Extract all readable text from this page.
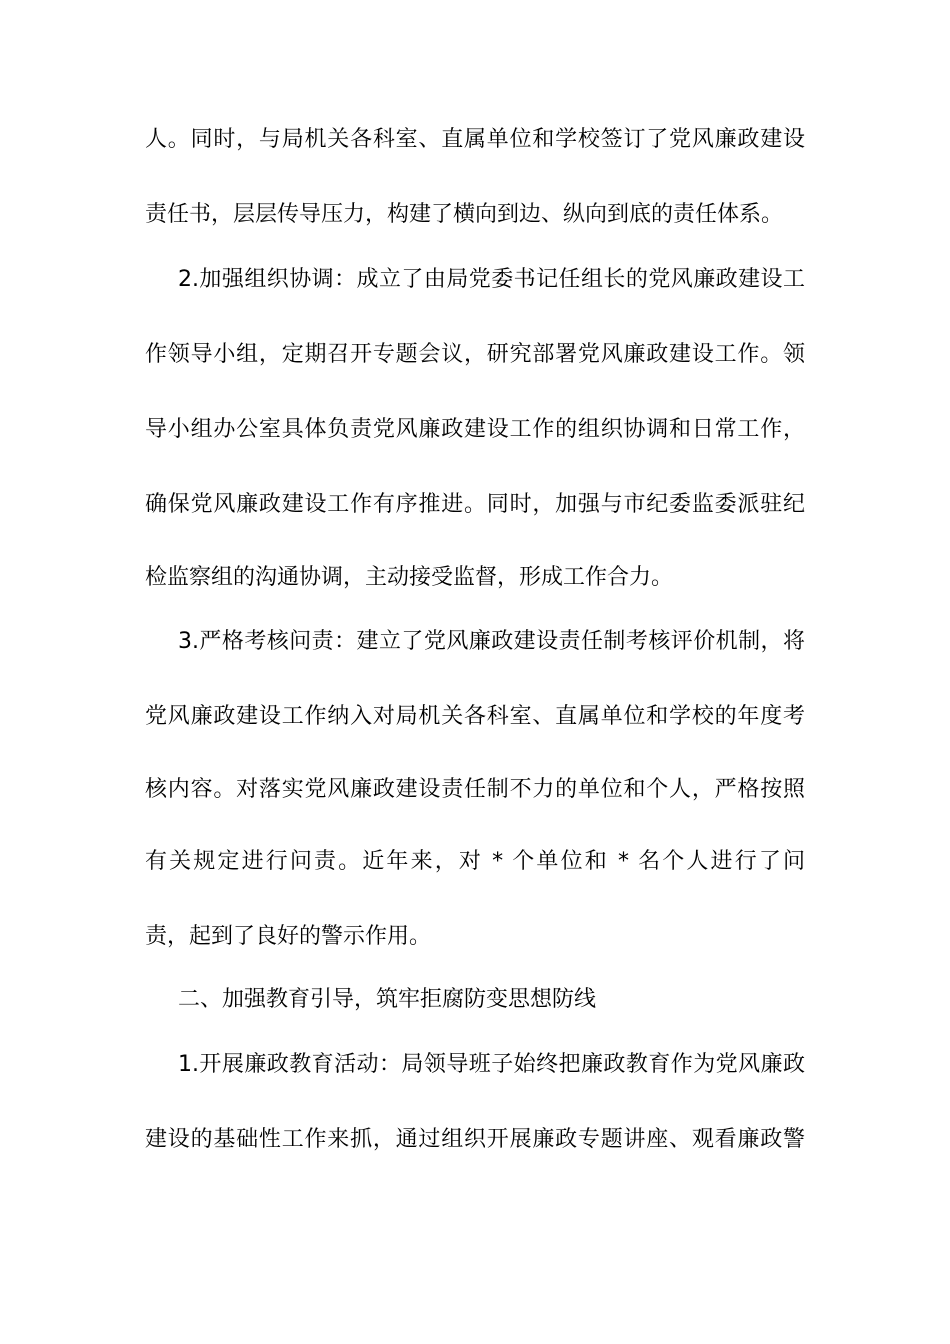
人。同时，与局机关各科室、直属单位和学校签订了党风廉政建设
责任书，层层传导压力，构建了横向到边、纵向到底的责任体系。
2.加强组织协调：成立了由局党委书记任组长的党风廉政建设工
作领导小组，定期召开专题会议，研究部署党风廉政建设工作。领
导小组办公室具体负责党风廉政建设工作的组织协调和日常工作，
确保党风廉政建设工作有序推进。同时，加强与市纪委监委派驻纪
检监察组的沟通协调，主动接受监督，形成工作合力。
3.严格考核问责：建立了党风廉政建设责任制考核评价机制，将
党风廉政建设工作纳入对局机关各科室、直属单位和学校的年度考
核内容。对落实党风廉政建设责任制不力的单位和个人，严格按照
有关规定进行问责。近年来，对 * 个单位和 * 名个人进行了问
责，起到了良好的警示作用。
二、加强教育引导，筑牢拒腐防变思想防线
1.开展廉政教育活动：局领导班子始终把廉政教育作为党风廉政
建设的基础性工作来抓，通过组织开展廉政专题讲座、观看廉政警
